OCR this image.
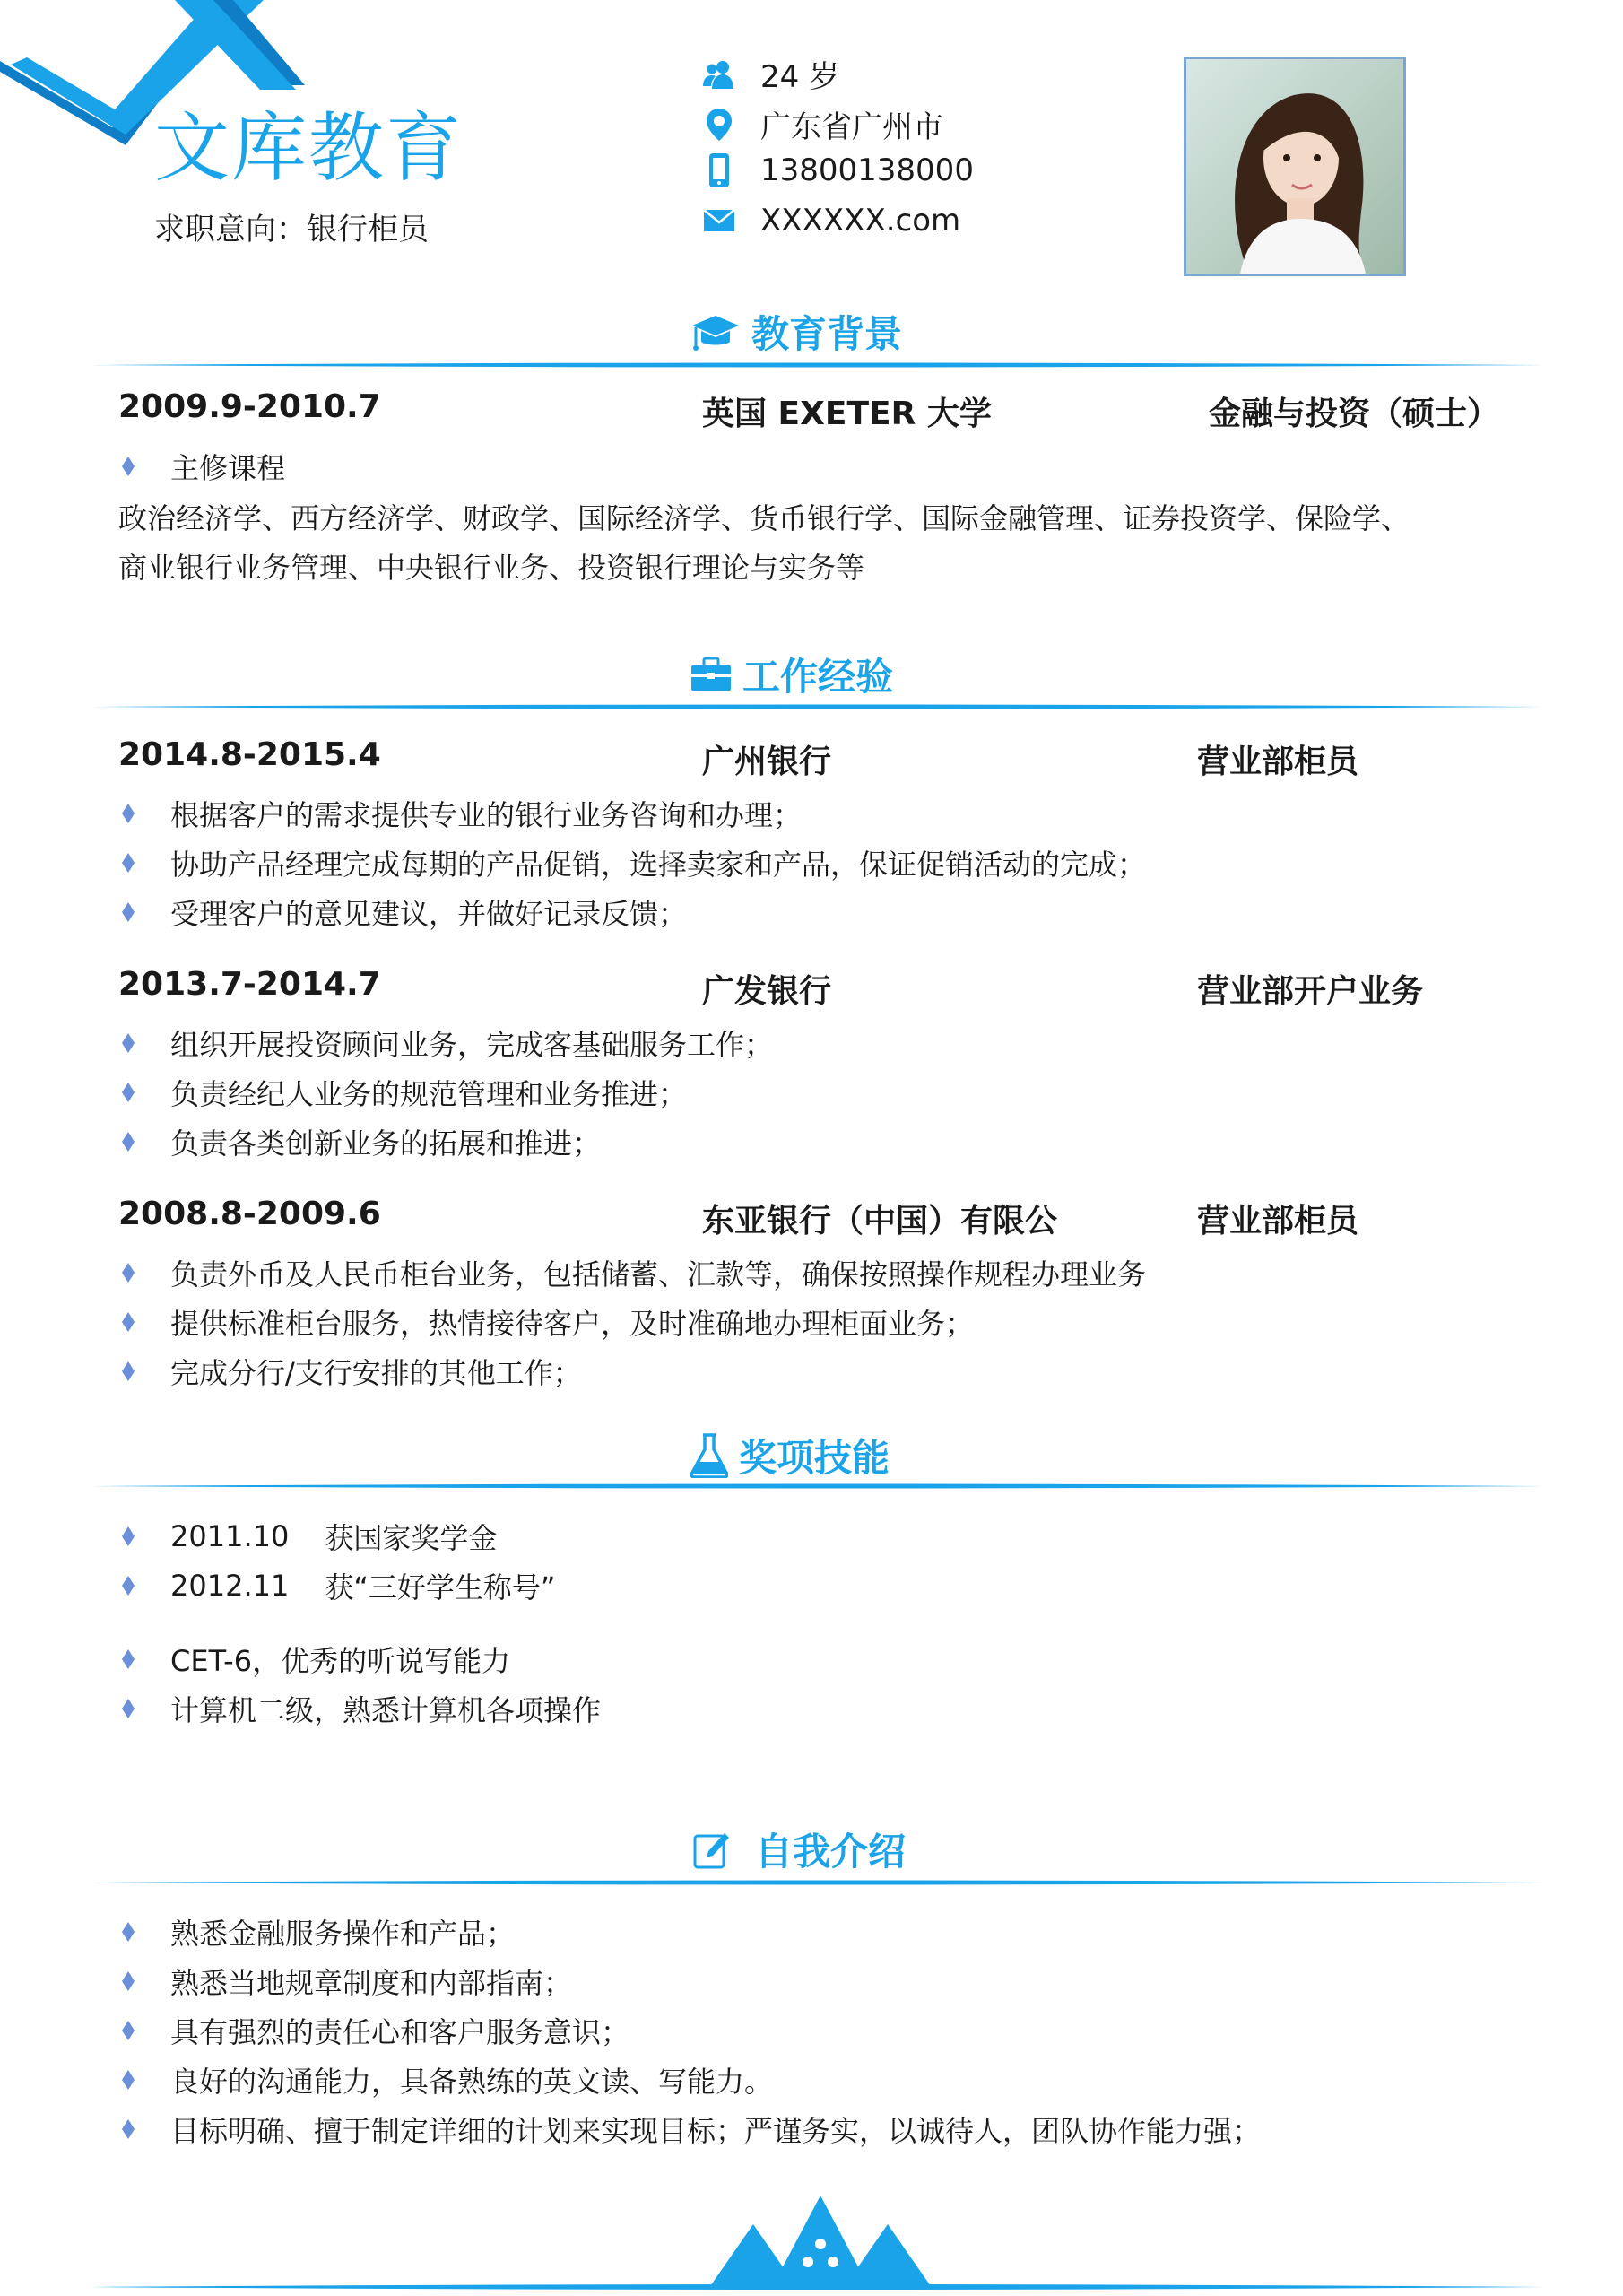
文库教育
求职意向：银行柜员
24 岁
广东省广州市
13800138000
XXXXXX.com
教育背景
2009.9-2010.7	英国 EXETER 大学	金融与投资（硕士）
主修课程
政治经济学、西方经济学、财政学、国际经济学、货币银行学、国际金融管理、证券投资学、保险学、
商业银行业务管理、中央银行业务、投资银行理论与实务等
工作经验
2014.8-2015.4	广州银行	营业部柜员
根据客户的需求提供专业的银行业务咨询和办理；
协助产品经理完成每期的产品促销，选择卖家和产品，保证促销活动的完成；
受理客户的意见建议，并做好记录反馈；
2013.7-2014.7	广发银行	营业部开户业务
组织开展投资顾问业务，完成客基础服务工作；
负责经纪人业务的规范管理和业务推进；
负责各类创新业务的拓展和推进；
2008.8-2009.6	东亚银行（中国）有限公	营业部柜员
负责外币及人民币柜台业务，包括储蓄、汇款等，确保按照操作规程办理业务
提供标准柜台服务，热情接待客户，及时准确地办理柜面业务；
完成分行/支行安排的其他工作；
奖项技能
2011.10 获国家奖学金
2012.11 获“三好学生称号”
CET-6，优秀的听说写能力
计算机二级，熟悉计算机各项操作
自我介绍
熟悉金融服务操作和产品；
熟悉当地规章制度和内部指南；
具有强烈的责任心和客户服务意识；
良好的沟通能力，具备熟练的英文读、写能力。
目标明确、擅于制定详细的计划来实现目标；严谨务实，以诚待人，团队协作能力强；
